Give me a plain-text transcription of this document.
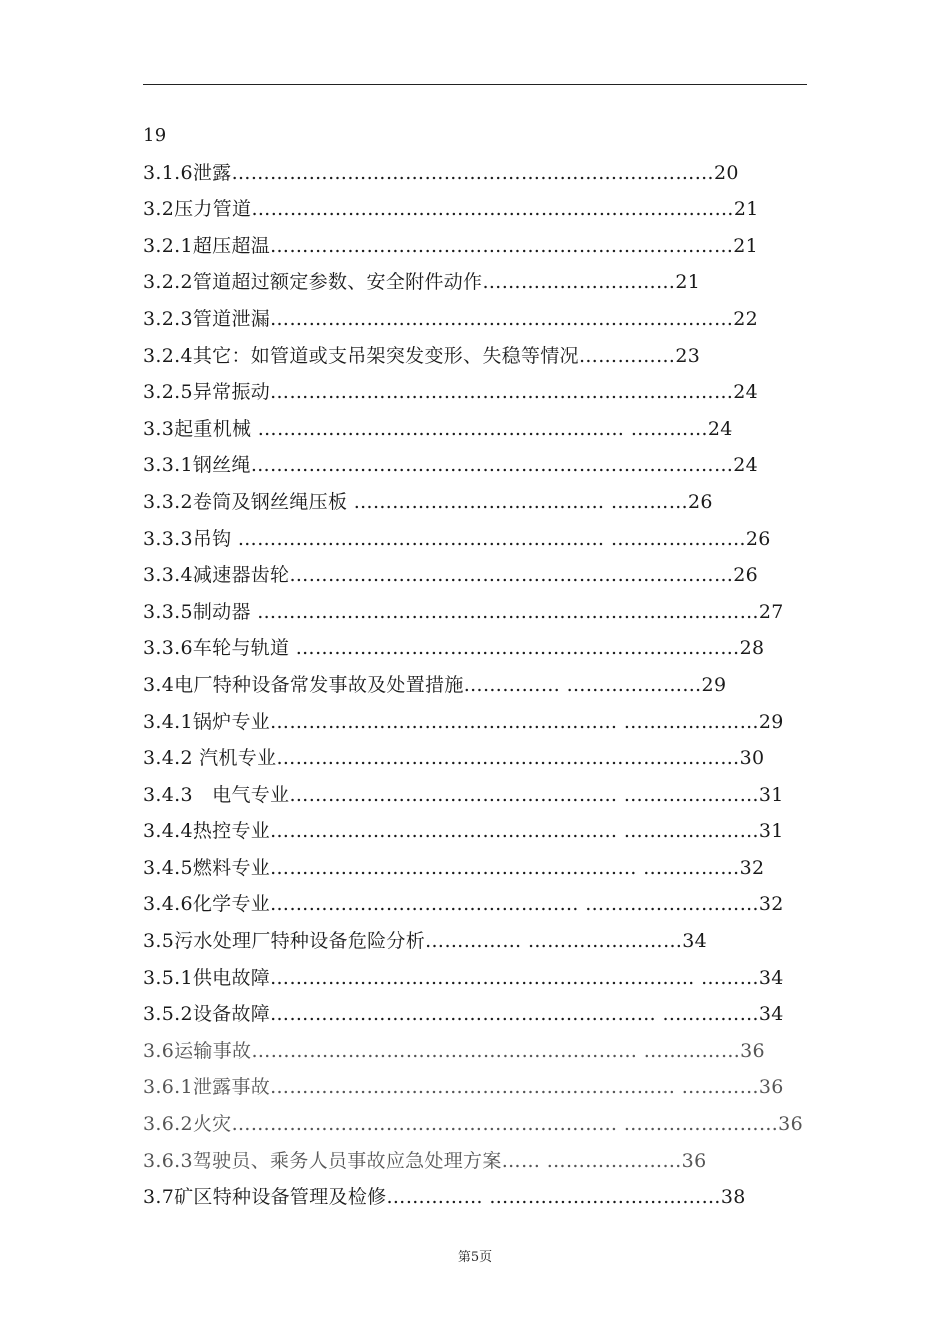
19
3.1.6泄露…………………………………………………………………20
3.2压力管道…………………………………………………………………21
3.2.1超压超温………………………………………………………………21
3.2.2管道超过额定参数、安全附件动作…………………………21
3.2.3管道泄漏………………………………………………………………22
3.2.4其它：如管道或支吊架突发变形、失稳等情况……………23
3.2.5异常振动………………………………………………………………24
3.3起重机械 ………………………………………………… …………24
3.3.1钢丝绳…………………………………………………………………24
3.3.2卷筒及钢丝绳压板 ………………………………… …………26
3.3.3吊钩 ………………………………………………… …………………26
3.3.4减速器齿轮……………………………………………………………26
3.3.5制动器 ……………………………………………………………………27
3.3.6车轮与轨道 ……………………………………………………………28
3.4电厂特种设备常发事故及处置措施…………… …………………29
3.4.1锅炉专业……………………………………………… …………………29
3.4.2 汽机专业………………………………………………………………30
3.4.3　电气专业…………………………………………… …………………31
3.4.4热控专业……………………………………………… …………………31
3.4.5燃料专业………………………………………………… ……………32
3.4.6化学专业………………………………………… ………………………32
3.5污水处理厂特种设备危险分析…………… ……………………34
3.5.1供电故障………………………………………………………… ………34
3.5.2设备故障…………………………………………………… ……………34
3.6运输事故…………………………………………………… ……………36
3.6.1泄露事故……………………………………………………… …………36
3.6.2火灾…………………………………………………… ……………………36
3.6.3驾驶员、乘务人员事故应急处理方案…… …………………36
3.7矿区特种设备管理及检修…………… ………………………………38
第5页
